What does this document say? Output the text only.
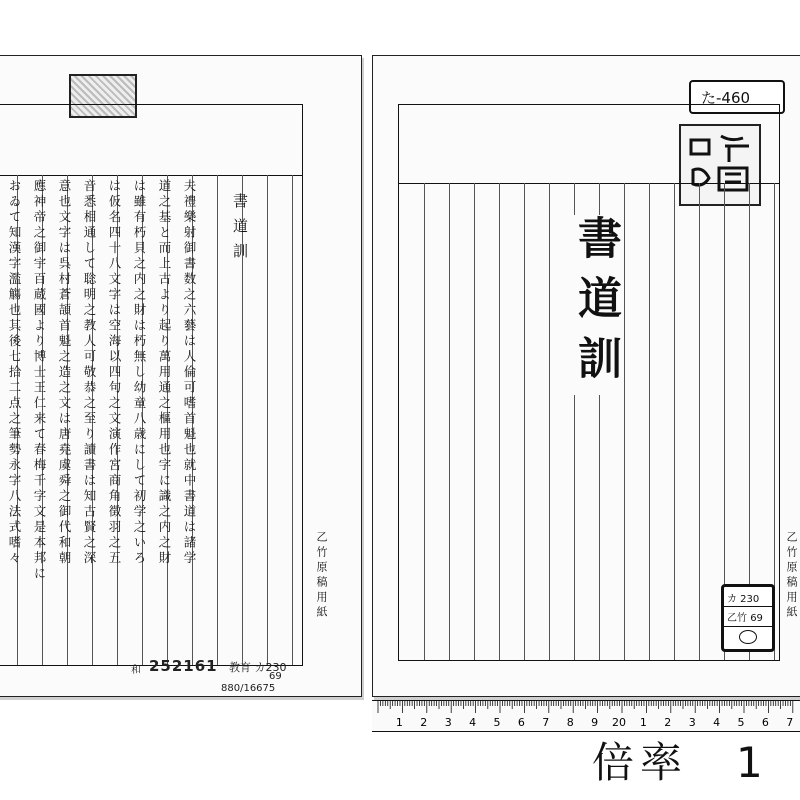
書道訓
夫禮樂射御書数之六藝は人倫可嗜首魁也就中書道は諸学
道之基と而上古より起り萬用通之樞用也字に識之内之財
は雖有朽貝之内之財は朽無し幼童八歳にして初学之いろ
は仮名四十八文字は空海以四句之文演作宮商角徴羽之五
音悉相通して聡明之教人可敬恭之至り讀書は知古賢之深
意也文字は呉村蒼頡首魁之造之文は唐堯虞舜之御代和朝
應神帝之御宇百蔵國より博士王仁来て春梅千字文是本邦に
おゐて知漢字濫觴也其後七拾二点之筆勢永字八法式嗜々
乙竹原稿用紙
和 252161 教育 カ230
69
880/16675
た-460
書道訓
乙竹原稿用紙
カ 230
乙竹 69
1 2 3 4 5 6 7 8 9 20 1 2 3 4 5 6 7
倍率　1
